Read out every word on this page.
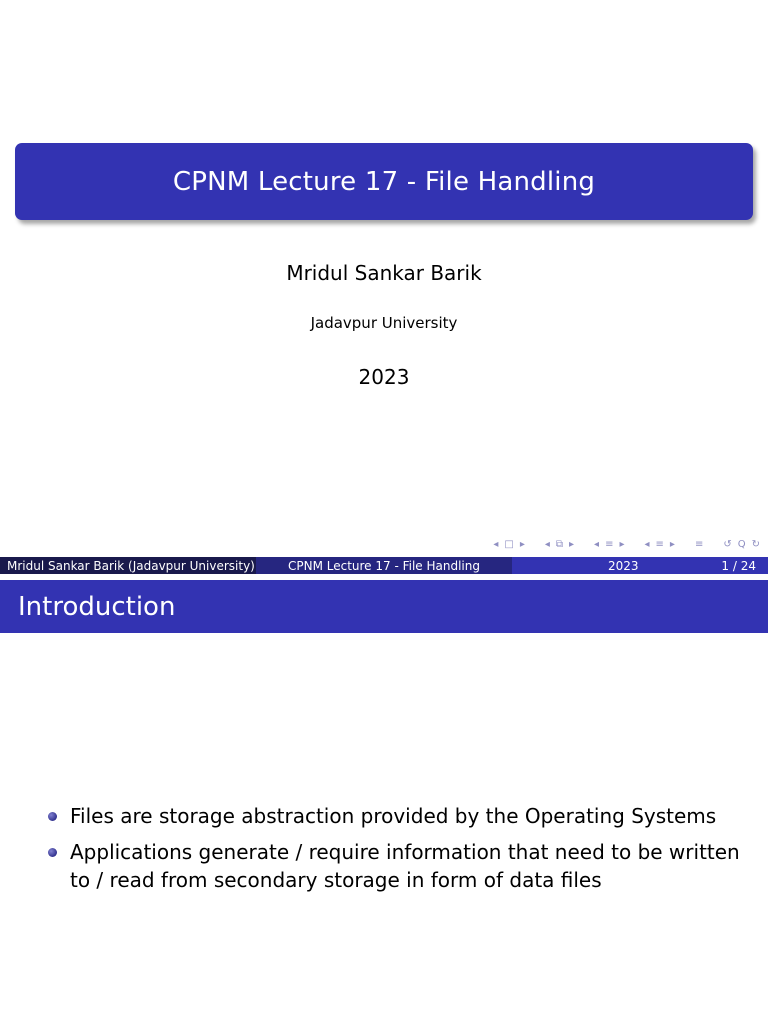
CPNM Lecture 17 - File Handling
Mridul Sankar Barik
Jadavpur University
2023
◂ □ ▸ ◂ ⧉ ▸ ◂ ≡ ▸ ◂ ≡ ▸ ≡ ↺ Q ↻
Mridul Sankar Barik (Jadavpur University)	CPNM Lecture 17 - File Handling	2023	1 / 24
Introduction
Files are storage abstraction provided by the Operating Systems
Applications generate / require information that need to be written to / read from secondary storage in form of data files
